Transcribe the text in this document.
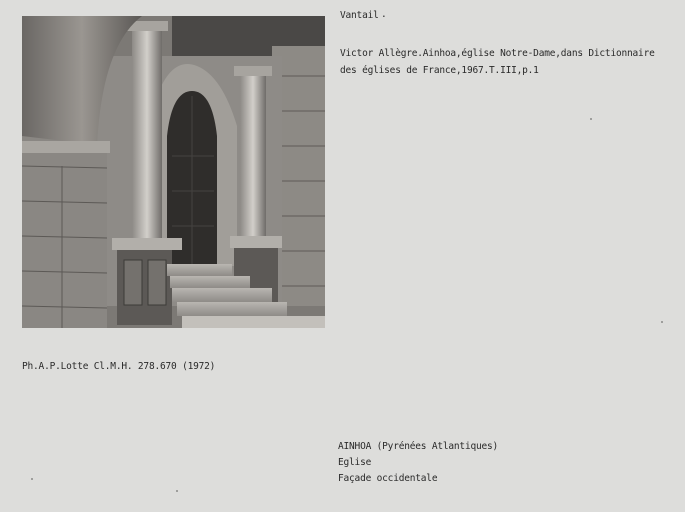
Vantail .
Victor Allègre.Ainhoa,église Notre-Dame,dans Dictionnaire
des églises de France,1967.T.III,p.1
Ph.A.P.Lotte Cl.M.H. 278.670 (1972)
AINHOA (Pyrénées Atlantiques)
Eglise
Façade occidentale
